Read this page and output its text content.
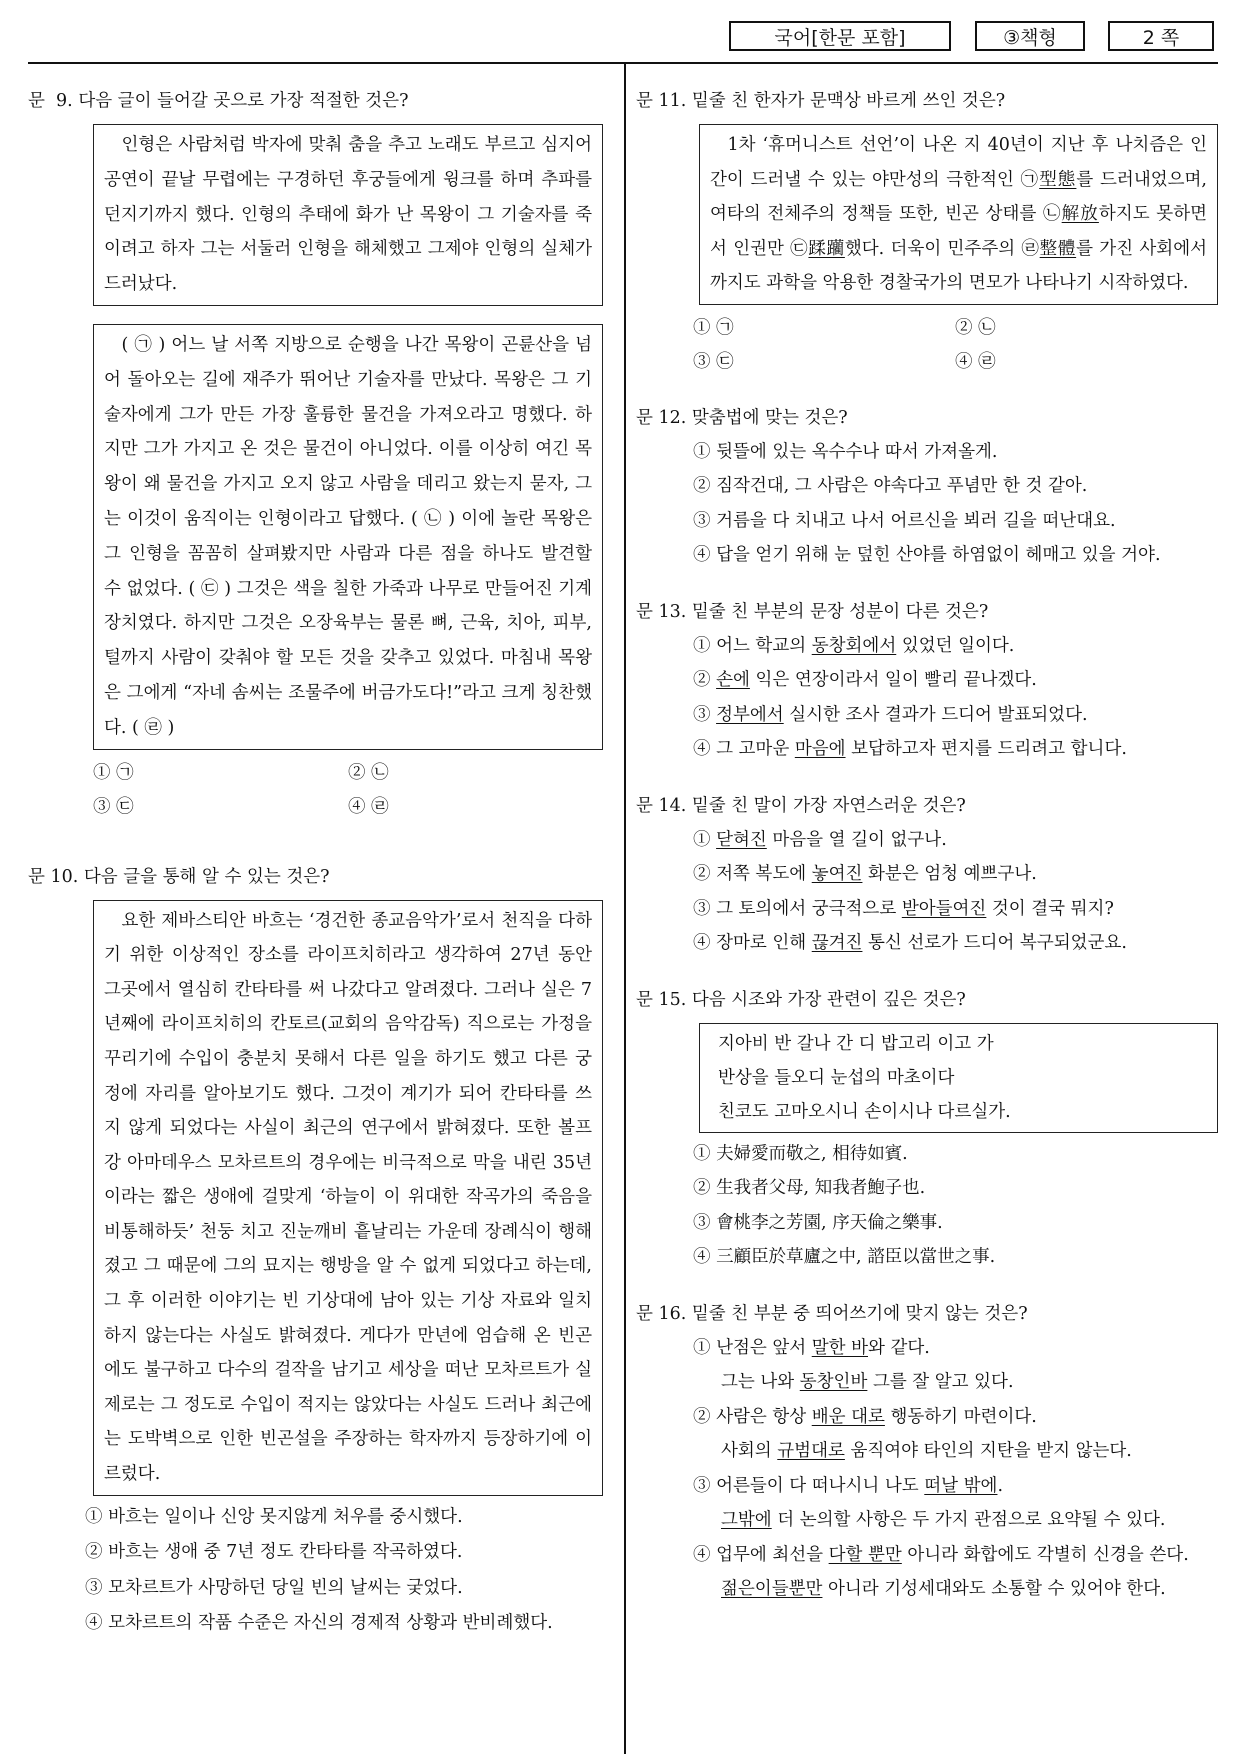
국어[한문 포함]	③책형	2 쪽

문  9. 다음 글이 들어갈 곳으로 가장 적절한 것은?

인형은 사람처럼 박자에 맞춰 춤을 추고 노래도 부르고 심지어 공연이 끝날 무렵에는 구경하던 후궁들에게 윙크를 하며 추파를 던지기까지 했다. 인형의 추태에 화가 난 목왕이 그 기술자를 죽이려고 하자 그는 서둘러 인형을 해체했고 그제야 인형의 실체가 드러났다.

( ㉠ ) 어느 날 서쪽 지방으로 순행을 나간 목왕이 곤륜산을 넘어 돌아오는 길에 재주가 뛰어난 기술자를 만났다. 목왕은 그 기술자에게 그가 만든 가장 훌륭한 물건을 가져오라고 명했다. 하지만 그가 가지고 온 것은 물건이 아니었다. 이를 이상히 여긴 목왕이 왜 물건을 가지고 오지 않고 사람을 데리고 왔는지 묻자, 그는 이것이 움직이는 인형이라고 답했다. ( ㉡ ) 이에 놀란 목왕은 그 인형을 꼼꼼히 살펴봤지만 사람과 다른 점을 하나도 발견할 수 없었다. ( ㉢ ) 그것은 색을 칠한 가죽과 나무로 만들어진 기계장치였다. 하지만 그것은 오장육부는 물론 뼈, 근육, 치아, 피부, 털까지 사람이 갖춰야 할 모든 것을 갖추고 있었다. 마침내 목왕은 그에게 “자네 솜씨는 조물주에 버금가도다!”라고 크게 칭찬했다. ( ㉣ )

① ㉠	② ㉡
③ ㉢	④ ㉣

문 10. 다음 글을 통해 알 수 있는 것은?

요한 제바스티안 바흐는 ‘경건한 종교음악가’로서 천직을 다하기 위한 이상적인 장소를 라이프치히라고 생각하여 27년 동안 그곳에서 열심히 칸타타를 써 나갔다고 알려졌다. 그러나 실은 7년째에 라이프치히의 칸토르(교회의 음악감독) 직으로는 가정을 꾸리기에 수입이 충분치 못해서 다른 일을 하기도 했고 다른 궁정에 자리를 알아보기도 했다. 그것이 계기가 되어 칸타타를 쓰지 않게 되었다는 사실이 최근의 연구에서 밝혀졌다. 또한 볼프강 아마데우스 모차르트의 경우에는 비극적으로 막을 내린 35년이라는 짧은 생애에 걸맞게 ‘하늘이 이 위대한 작곡가의 죽음을 비통해하듯’ 천둥 치고 진눈깨비 흩날리는 가운데 장례식이 행해졌고 그 때문에 그의 묘지는 행방을 알 수 없게 되었다고 하는데, 그 후 이러한 이야기는 빈 기상대에 남아 있는 기상 자료와 일치하지 않는다는 사실도 밝혀졌다. 게다가 만년에 엄습해 온 빈곤에도 불구하고 다수의 걸작을 남기고 세상을 떠난 모차르트가 실제로는 그 정도로 수입이 적지는 않았다는 사실도 드러나 최근에는 도박벽으로 인한 빈곤설을 주장하는 학자까지 등장하기에 이르렀다.

① 바흐는 일이나 신앙 못지않게 처우를 중시했다.
② 바흐는 생애 중 7년 정도 칸타타를 작곡하였다.
③ 모차르트가 사망하던 당일 빈의 날씨는 궂었다.
④ 모차르트의 작품 수준은 자신의 경제적 상황과 반비례했다.

문 11. 밑줄 친 한자가 문맥상 바르게 쓰인 것은?

1차 ‘휴머니스트 선언’이 나온 지 40년이 지난 후 나치즘은 인간이 드러낼 수 있는 야만성의 극한적인 ㉠型態를 드러내었으며, 여타의 전체주의 정책들 또한, 빈곤 상태를 ㉡解放하지도 못하면서 인권만 ㉢蹂躪했다. 더욱이 민주주의 ㉣整體를 가진 사회에서까지도 과학을 악용한 경찰국가의 면모가 나타나기 시작하였다.

① ㉠	② ㉡
③ ㉢	④ ㉣

문 12. 맞춤법에 맞는 것은?

① 뒷뜰에 있는 옥수수나 따서 가져올게.
② 짐작건대, 그 사람은 야속다고 푸념만 한 것 같아.
③ 거름을 다 치내고 나서 어르신을 뵈러 길을 떠난대요.
④ 답을 얻기 위해 눈 덮힌 산야를 하염없이 헤매고 있을 거야.

문 13. 밑줄 친 부분의 문장 성분이 다른 것은?

① 어느 학교의 동창회에서 있었던 일이다.
② 손에 익은 연장이라서 일이 빨리 끝나겠다.
③ 정부에서 실시한 조사 결과가 드디어 발표되었다.
④ 그 고마운 마음에 보답하고자 편지를 드리려고 합니다.

문 14. 밑줄 친 말이 가장 자연스러운 것은?

① 닫혀진 마음을 열 길이 없구나.
② 저쪽 복도에 놓여진 화분은 엄청 예쁘구나.
③ 그 토의에서 궁극적으로 받아들여진 것이 결국 뭐지?
④ 장마로 인해 끊겨진 통신 선로가 드디어 복구되었군요.

문 15. 다음 시조와 가장 관련이 깊은 것은?

지아비 반 갈나 간 디 밥고리 이고 가
반상을 들오디 눈섭의 마초이다
친코도 고마오시니 손이시나 다르실가.
① 夫婦愛而敬之, 相待如賓.
② 生我者父母, 知我者鮑子也.
③ 會桃李之芳園, 序天倫之樂事.
④ 三顧臣於草廬之中, 諮臣以當世之事.

문 16. 밑줄 친 부분 중 띄어쓰기에 맞지 않는 것은?

① 난점은 앞서 말한 바와 같다.
그는 나와 동창인바 그를 잘 알고 있다.
② 사람은 항상 배운 대로 행동하기 마련이다.
사회의 규범대로 움직여야 타인의 지탄을 받지 않는다.
③ 어른들이 다 떠나시니 나도 떠날 밖에.
그밖에 더 논의할 사항은 두 가지 관점으로 요약될 수 있다.
④ 업무에 최선을 다할 뿐만 아니라 화합에도 각별히 신경을 쓴다.
젊은이들뿐만 아니라 기성세대와도 소통할 수 있어야 한다.
